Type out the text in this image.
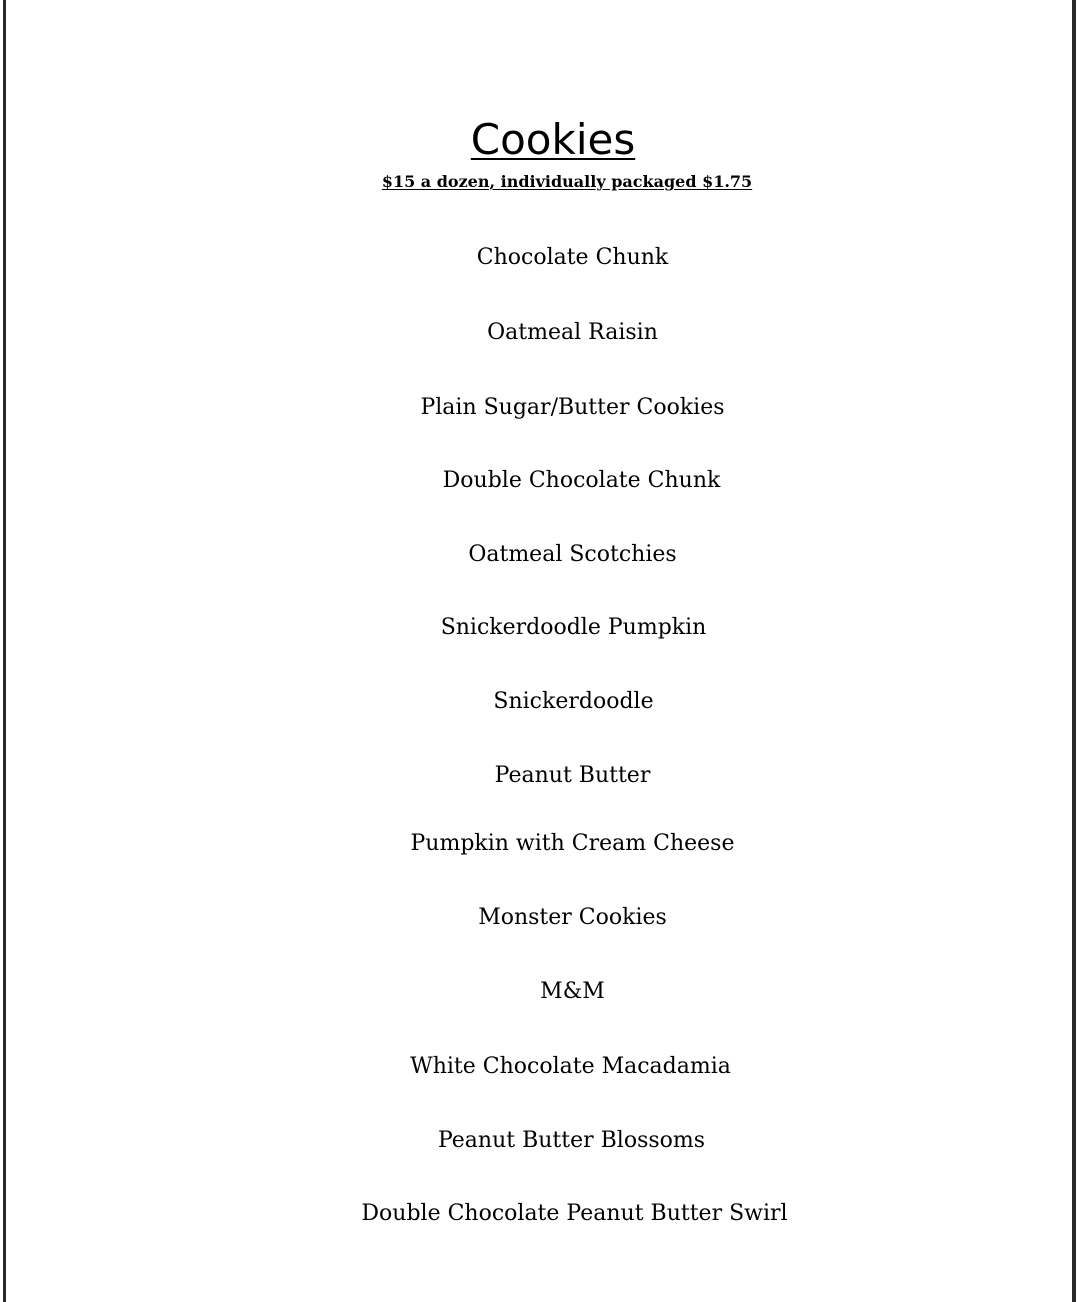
Cookies

$15 a dozen, individually packaged $1.75

Chocolate Chunk

Oatmeal Raisin

Plain Sugar/Butter Cookies

Double Chocolate Chunk

Oatmeal Scotchies

Snickerdoodle Pumpkin

Snickerdoodle

Peanut Butter

Pumpkin with Cream Cheese

Monster Cookies

M&M

White Chocolate Macadamia

Peanut Butter Blossoms

Double Chocolate Peanut Butter Swirl
